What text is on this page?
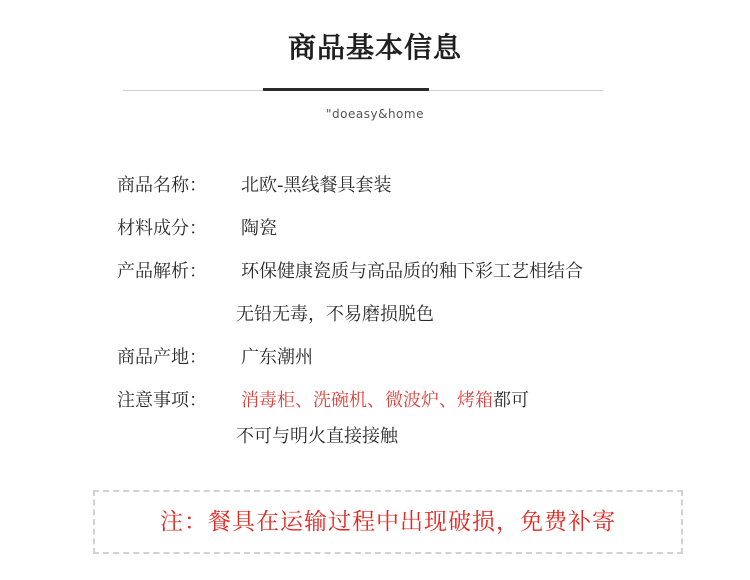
商品基本信息
"doeasy&home
商品名称： 北欧-黑线餐具套装
材料成分： 陶瓷
产品解析： 环保健康瓷质与高品质的釉下彩工艺相结合
无铅无毒，不易磨损脱色
商品产地： 广东潮州
注意事项： 消毒柜、洗碗机、微波炉、烤箱都可
不可与明火直接接触
注：餐具在运输过程中出现破损，免费补寄
